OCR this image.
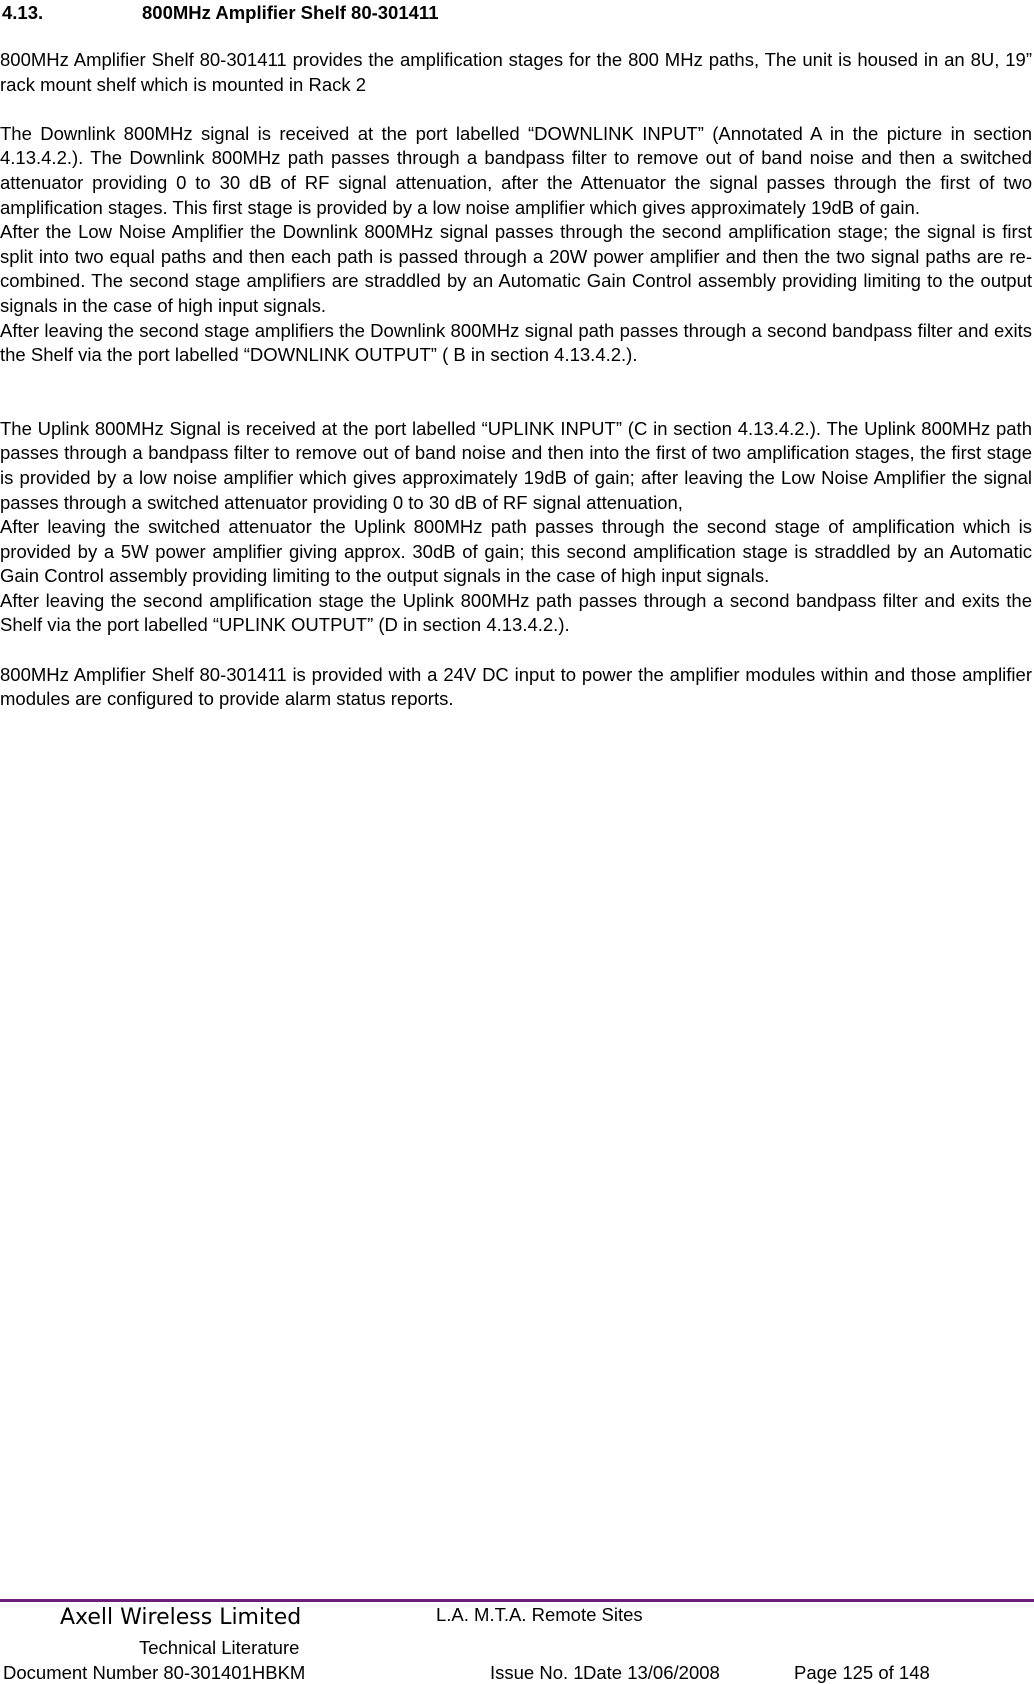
4.13.	800MHz Amplifier Shelf 80-301411

800MHz Amplifier Shelf 80-301411 provides the amplification stages for the 800 MHz paths, The unit is housed in an 8U, 19” rack mount shelf which is mounted in Rack 2

The Downlink 800MHz signal is received at the port labelled “DOWNLINK INPUT” (Annotated A in the picture in section 4.13.4.2.). The Downlink 800MHz path passes through a bandpass filter to remove out of band noise and then a switched attenuator providing 0 to 30 dB of RF signal attenuation, after the Attenuator the signal passes through the first of two amplification stages. This first stage is provided by a low noise amplifier which gives approximately 19dB of gain.

After the Low Noise Amplifier the Downlink 800MHz signal passes through the second amplification stage; the signal is first split into two equal paths and then each path is passed through a 20W power amplifier and then the two signal paths are re-combined. The second stage amplifiers are straddled by an Automatic Gain Control assembly providing limiting to the output signals in the case of high input signals.

After leaving the second stage amplifiers the Downlink 800MHz signal path passes through a second bandpass filter and exits the Shelf via the port labelled “DOWNLINK OUTPUT” ( B in section 4.13.4.2.).

The Uplink 800MHz Signal is received at the port labelled “UPLINK INPUT” (C in section 4.13.4.2.). The Uplink 800MHz path passes through a bandpass filter to remove out of band noise and then into the first of two amplification stages, the first stage is provided by a low noise amplifier which gives approximately 19dB of gain; after leaving the Low Noise Amplifier the signal passes through a switched attenuator providing 0 to 30 dB of RF signal attenuation,

After leaving the switched attenuator the Uplink 800MHz path passes through the second stage of amplification which is provided by a 5W power amplifier giving approx. 30dB of gain; this second amplification stage is straddled by an Automatic Gain Control assembly providing limiting to the output signals in the case of high input signals.

After leaving the second amplification stage the Uplink 800MHz path passes through a second bandpass filter and exits the Shelf via the port labelled “UPLINK OUTPUT” (D in section 4.13.4.2.).

800MHz Amplifier Shelf 80-301411 is provided with a 24V DC input to power the amplifier modules within and those amplifier modules are configured to provide alarm status reports.

Axell Wireless Limited	L.A. M.T.A. Remote Sites
Technical Literature
Document Number 80-301401HBKM	Issue No. 1 Date 13/06/2008	Page 125 of 148
